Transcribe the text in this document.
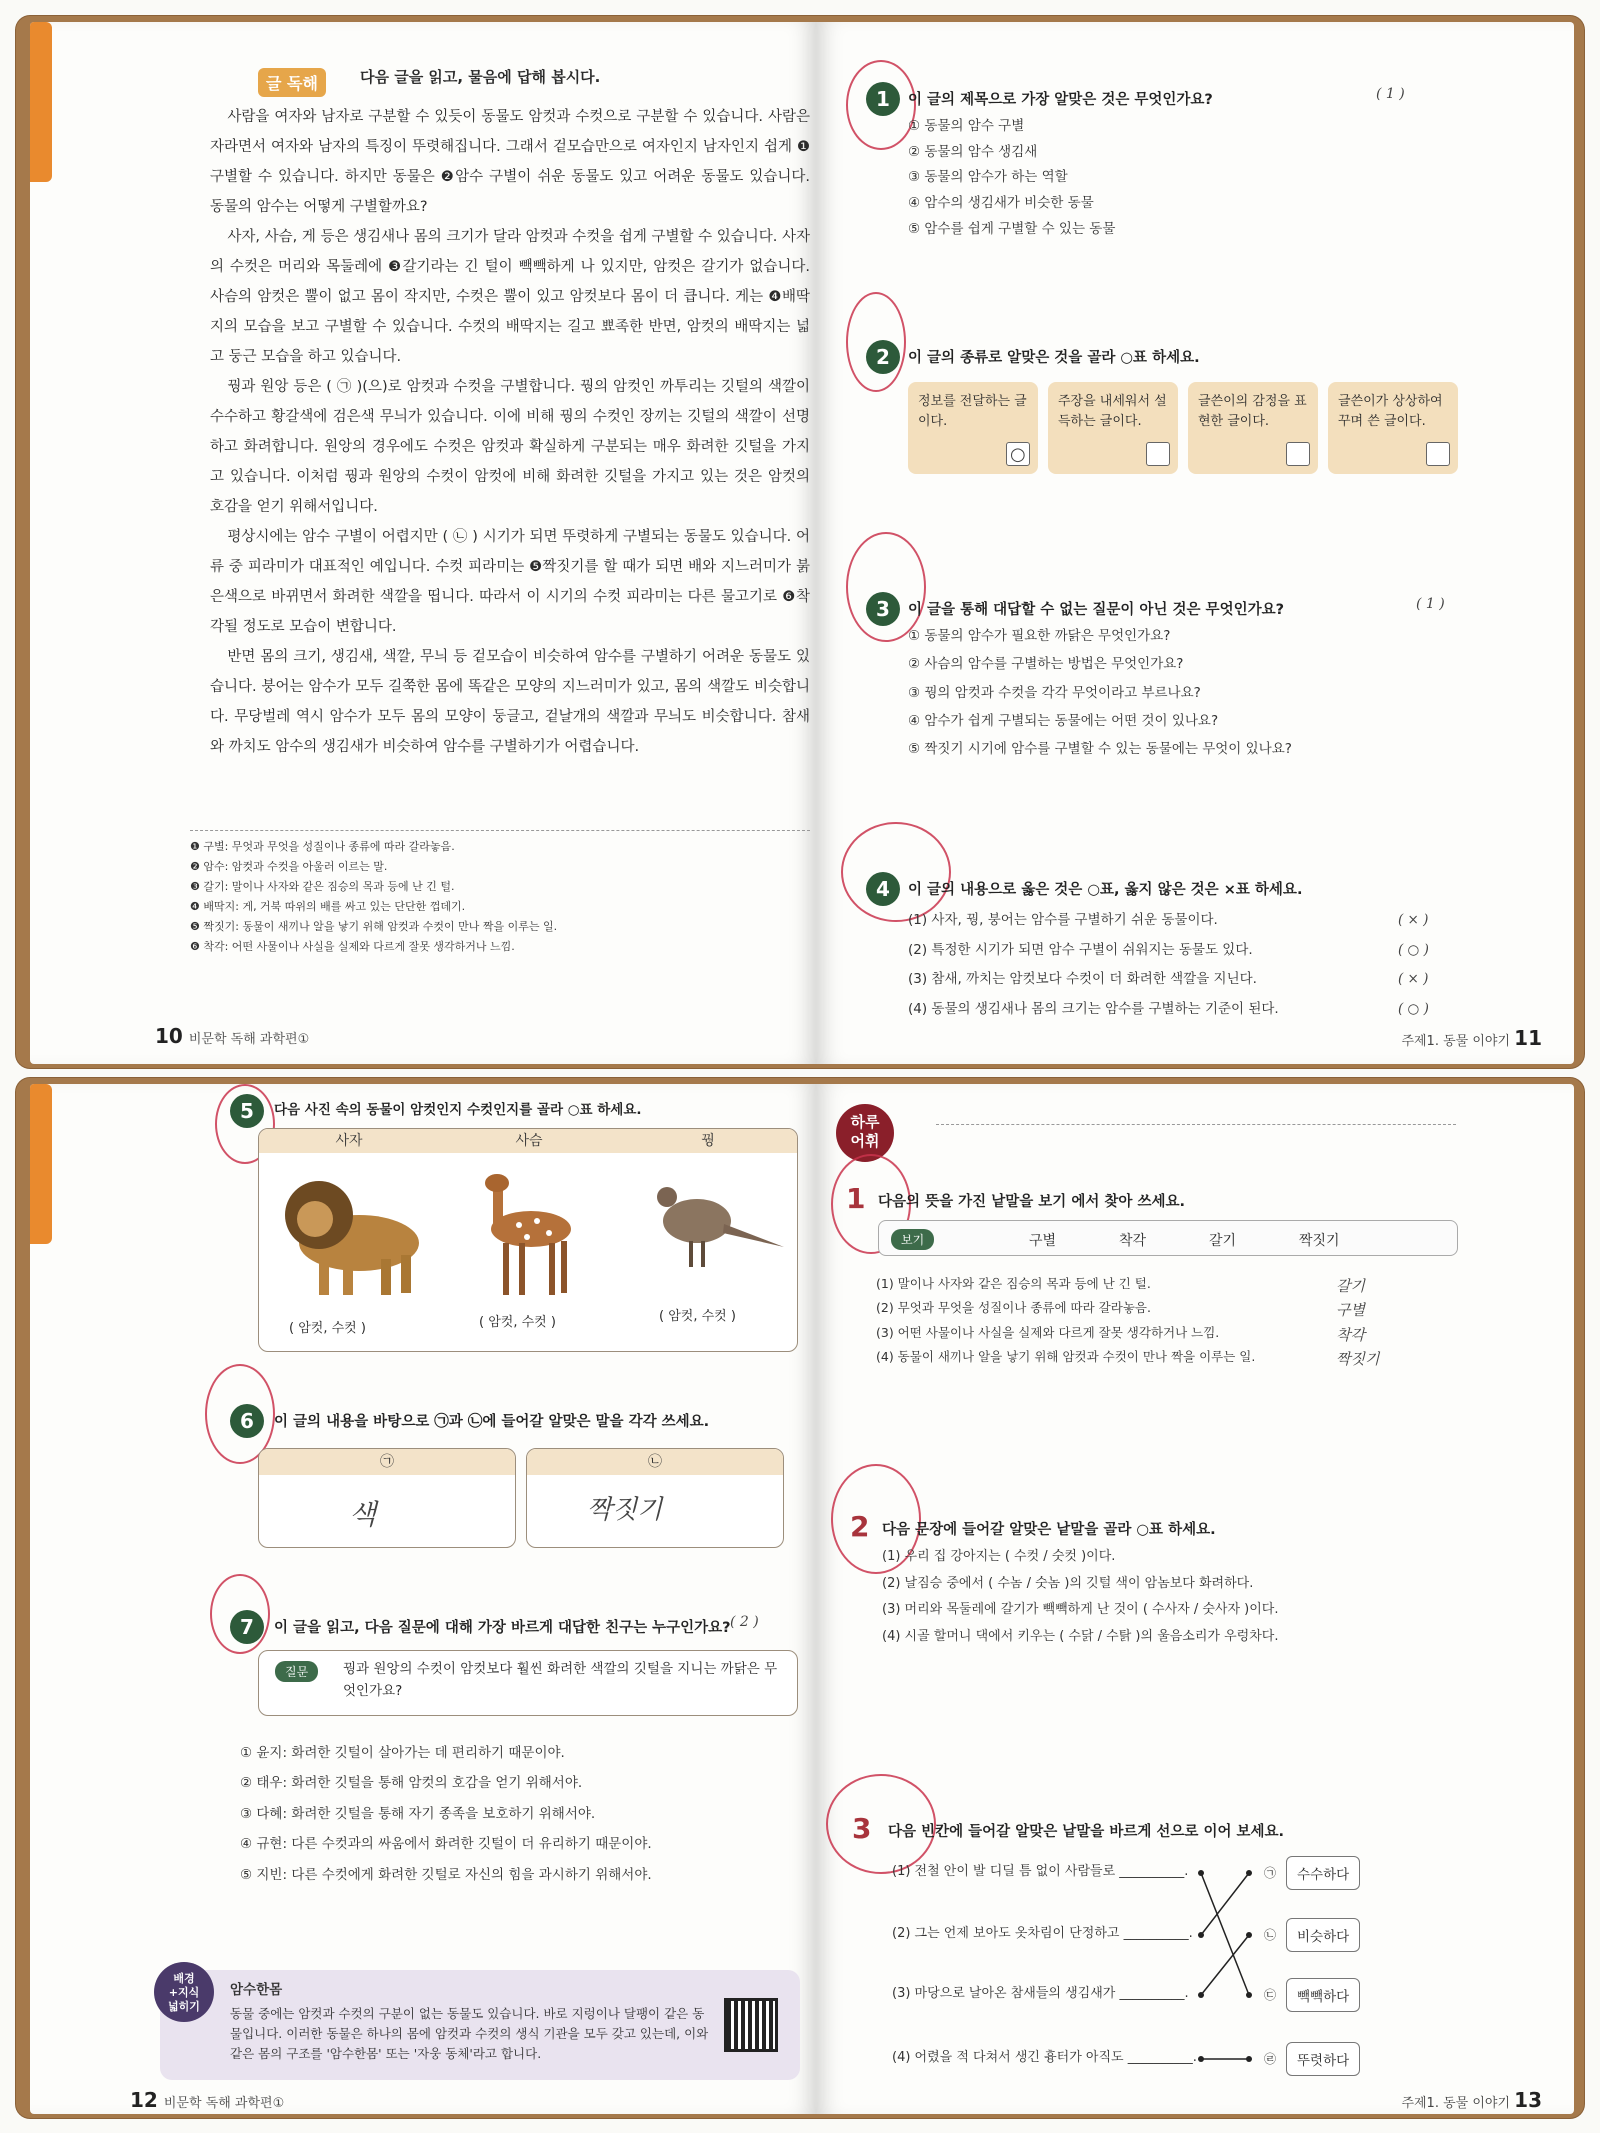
글 독해	다음 글을 읽고, 물음에 답해 봅시다.

사람을 여자와 남자로 구분할 수 있듯이 동물도 암컷과 수컷으로 구분할 수 있습니다. 사람은 자라면서 여자와 남자의 특징이 뚜렷해집니다. 그래서 겉모습만으로 여자인지 남자인지 쉽게 ❶구별할 수 있습니다. 하지만 동물은 ❷암수 구별이 쉬운 동물도 있고 어려운 동물도 있습니다. 동물의 암수는 어떻게 구별할까요?

사자, 사슴, 게 등은 생김새나 몸의 크기가 달라 암컷과 수컷을 쉽게 구별할 수 있습니다. 사자의 수컷은 머리와 목둘레에 ❸갈기라는 긴 털이 빽빽하게 나 있지만, 암컷은 갈기가 없습니다. 사슴의 암컷은 뿔이 없고 몸이 작지만, 수컷은 뿔이 있고 암컷보다 몸이 더 큽니다. 게는 ❹배딱지의 모습을 보고 구별할 수 있습니다. 수컷의 배딱지는 길고 뾰족한 반면, 암컷의 배딱지는 넓고 둥근 모습을 하고 있습니다.

꿩과 원앙 등은 ( ㉠ )(으)로 암컷과 수컷을 구별합니다. 꿩의 암컷인 까투리는 깃털의 색깔이 수수하고 황갈색에 검은색 무늬가 있습니다. 이에 비해 꿩의 수컷인 장끼는 깃털의 색깔이 선명하고 화려합니다. 원앙의 경우에도 수컷은 암컷과 확실하게 구분되는 매우 화려한 깃털을 가지고 있습니다. 이처럼 꿩과 원앙의 수컷이 암컷에 비해 화려한 깃털을 가지고 있는 것은 암컷의 호감을 얻기 위해서입니다.

평상시에는 암수 구별이 어렵지만 ( ㉡ ) 시기가 되면 뚜렷하게 구별되는 동물도 있습니다. 어류 중 피라미가 대표적인 예입니다. 수컷 피라미는 ❺짝짓기를 할 때가 되면 배와 지느러미가 붉은색으로 바뀌면서 화려한 색깔을 띱니다. 따라서 이 시기의 수컷 피라미는 다른 물고기로 ❻착각될 정도로 모습이 변합니다.

반면 몸의 크기, 생김새, 색깔, 무늬 등 겉모습이 비슷하여 암수를 구별하기 어려운 동물도 있습니다. 붕어는 암수가 모두 길쭉한 몸에 똑같은 모양의 지느러미가 있고, 몸의 색깔도 비슷합니다. 무당벌레 역시 암수가 모두 몸의 모양이 둥글고, 겉날개의 색깔과 무늬도 비슷합니다. 참새와 까치도 암수의 생김새가 비슷하여 암수를 구별하기가 어렵습니다.

❶ 구별: 무엇과 무엇을 성질이나 종류에 따라 갈라놓음.
❷ 암수: 암컷과 수컷을 아울러 이르는 말.
❸ 갈기: 말이나 사자와 같은 짐승의 목과 등에 난 긴 털.
❹ 배딱지: 게, 거북 따위의 배를 싸고 있는 단단한 껍데기.
❺ 짝짓기: 동물이 새끼나 알을 낳기 위해 암컷과 수컷이 만나 짝을 이루는 일.
❻ 착각: 어떤 사물이나 사실을 실제와 다르게 잘못 생각하거나 느낌.
10 비문학 독해 과학편①
1	이 글의 제목으로 가장 알맞은 것은 무엇인가요?	( 1 )
① 동물의 암수 구별
② 동물의 암수 생김새
③ 동물의 암수가 하는 역할
④ 암수의 생김새가 비슷한 동물
⑤ 암수를 쉽게 구별할 수 있는 동물
2	이 글의 종류로 알맞은 것을 골라 ○표 하세요.
정보를 전달하는 글이다.
○
주장을 내세워서 설득하는 글이다.
글쓴이의 감정을 표현한 글이다.
글쓴이가 상상하여 꾸며 쓴 글이다.
3	이 글을 통해 대답할 수 없는 질문이 아닌 것은 무엇인가요?	( 1 )
① 동물의 암수가 필요한 까닭은 무엇인가요?
② 사슴의 암수를 구별하는 방법은 무엇인가요?
③ 꿩의 암컷과 수컷을 각각 무엇이라고 부르나요?
④ 암수가 쉽게 구별되는 동물에는 어떤 것이 있나요?
⑤ 짝짓기 시기에 암수를 구별할 수 있는 동물에는 무엇이 있나요?
4	이 글의 내용으로 옳은 것은 ○표, 옳지 않은 것은 ×표 하세요.
(1) 사자, 꿩, 붕어는 암수를 구별하기 쉬운 동물이다.	( × )
(2) 특정한 시기가 되면 암수 구별이 쉬워지는 동물도 있다.	( ○ )
(3) 참새, 까치는 암컷보다 수컷이 더 화려한 색깔을 지닌다.	( × )
(4) 동물의 생김새나 몸의 크기는 암수를 구별하는 기준이 된다.	( ○ )
주제1. 동물 이야기 11
5	다음 사진 속의 동물이 암컷인지 수컷인지를 골라 ○표 하세요.
사자	사슴	꿩
( 암컷, 수컷 )	( 암컷, 수컷 )	( 암컷, 수컷 )
6	이 글의 내용을 바탕으로 ㉠과 ㉡에 들어갈 알맞은 말을 각각 쓰세요.
㉠
색
㉡
짝짓기
7	이 글을 읽고, 다음 질문에 대해 가장 바르게 대답한 친구는 누구인가요? ( 2 )
질문	꿩과 원앙의 수컷이 암컷보다 훨씬 화려한 색깔의 깃털을 지니는 까닭은 무엇인가요?
① 윤지: 화려한 깃털이 살아가는 데 편리하기 때문이야.
② 태우: 화려한 깃털을 통해 암컷의 호감을 얻기 위해서야.
③ 다혜: 화려한 깃털을 통해 자기 종족을 보호하기 위해서야.
④ 규현: 다른 수컷과의 싸움에서 화려한 깃털이 더 유리하기 때문이야.
⑤ 지빈: 다른 수컷에게 화려한 깃털로 자신의 힘을 과시하기 위해서야.
배경
+지식
넓히기
암수한몸
동물 중에는 암컷과 수컷의 구분이 없는 동물도 있습니다. 바로 지렁이나 달팽이 같은 동물입니다. 이러한 동물은 하나의 몸에 암컷과 수컷의 생식 기관을 모두 갖고 있는데, 이와 같은 몸의 구조를 '암수한몸' 또는 '자웅 동체'라고 합니다.
12 비문학 독해 과학편①
하루
어휘
1 다음의 뜻을 가진 낱말을 보기 에서 찾아 쓰세요.
보기	구별	착각	갈기	짝짓기
(1) 말이나 사자와 같은 짐승의 목과 등에 난 긴 털.	갈기
(2) 무엇과 무엇을 성질이나 종류에 따라 갈라놓음.	구별
(3) 어떤 사물이나 사실을 실제와 다르게 잘못 생각하거나 느낌.	착각
(4) 동물이 새끼나 알을 낳기 위해 암컷과 수컷이 만나 짝을 이루는 일.	짝짓기
2 다음 문장에 들어갈 알맞은 낱말을 골라 ○표 하세요.
(1) 우리 집 강아지는 ( 수컷 / 숫컷 )이다.
(2) 날짐승 중에서 ( 수놈 / 숫놈 )의 깃털 색이 암놈보다 화려하다.
(3) 머리와 목둘레에 갈기가 빽빽하게 난 것이 ( 수사자 / 숫사자 )이다.
(4) 시골 할머니 댁에서 키우는 ( 수닭 / 수탉 )의 울음소리가 우렁차다.
3 다음 빈칸에 들어갈 알맞은 낱말을 바르게 선으로 이어 보세요.
(1) 전철 안이 발 디딜 틈 없이 사람들로 __________.
(2) 그는 언제 보아도 옷차림이 단정하고 __________.
(3) 마당으로 날아온 참새들의 생김새가 __________.
(4) 어렸을 적 다쳐서 생긴 흉터가 아직도 __________.
㉠	수수하다
㉡	비슷하다
㉢	빽빽하다
㉣	뚜렷하다
주제1. 동물 이야기 13
